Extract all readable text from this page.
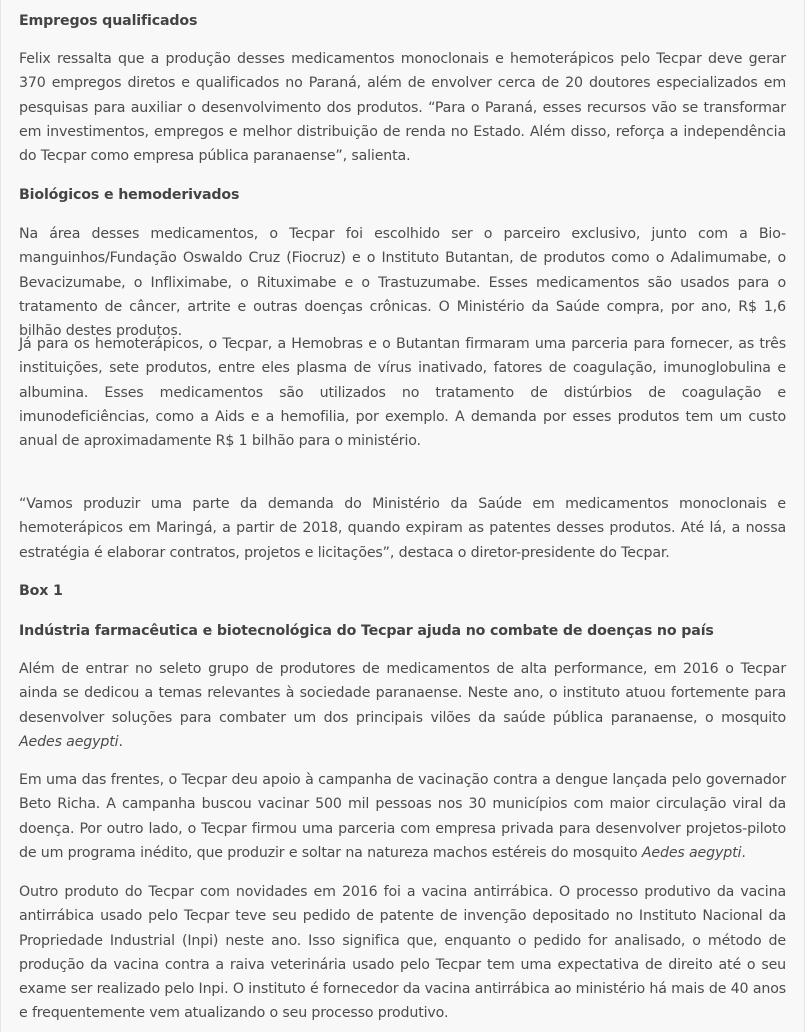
Empregos qualificados

Felix ressalta que a produção desses medicamentos monoclonais e hemoterápicos pelo Tecpar deve gerar 370 empregos diretos e qualificados no Paraná, além de envolver cerca de 20 doutores especializados em pesquisas para auxiliar o desenvolvimento dos produtos. “Para o Paraná, esses recursos vão se transformar em investimentos, empregos e melhor distribuição de renda no Estado. Além disso, reforça a independência do Tecpar como empresa pública paranaense”, salienta.

Biológicos e hemoderivados

Na área desses medicamentos, o Tecpar foi escolhido ser o parceiro exclusivo, junto com a Bio-manguinhos/Fundação Oswaldo Cruz (Fiocruz) e o Instituto Butantan, de produtos como o Adalimumabe, o Bevacizumabe, o Infliximabe, o Rituximabe e o Trastuzumabe. Esses medicamentos são usados para o tratamento de câncer, artrite e outras doenças crônicas. O Ministério da Saúde compra, por ano, R$ 1,6 bilhão destes produtos.

Já para os hemoterápicos, o Tecpar, a Hemobras e o Butantan firmaram uma parceria para fornecer, as três instituições, sete produtos, entre eles plasma de vírus inativado, fatores de coagulação, imunoglobulina e albumina. Esses medicamentos são utilizados no tratamento de distúrbios de coagulação e imunodeficiências, como a Aids e a hemofilia, por exemplo. A demanda por esses produtos tem um custo anual de aproximadamente R$ 1 bilhão para o ministério.

“Vamos produzir uma parte da demanda do Ministério da Saúde em medicamentos monoclonais e hemoterápicos em Maringá, a partir de 2018, quando expiram as patentes desses produtos. Até lá, a nossa estratégia é elaborar contratos, projetos e licitações”, destaca o diretor-presidente do Tecpar.

Box 1

Indústria farmacêutica e biotecnológica do Tecpar ajuda no combate de doenças no país

Além de entrar no seleto grupo de produtores de medicamentos de alta performance, em 2016 o Tecpar ainda se dedicou a temas relevantes à sociedade paranaense. Neste ano, o instituto atuou fortemente para desenvolver soluções para combater um dos principais vilões da saúde pública paranaense, o mosquito Aedes aegypti.

Em uma das frentes, o Tecpar deu apoio à campanha de vacinação contra a dengue lançada pelo governador Beto Richa. A campanha buscou vacinar 500 mil pessoas nos 30 municípios com maior circulação viral da doença. Por outro lado, o Tecpar firmou uma parceria com empresa privada para desenvolver projetos-piloto de um programa inédito, que produzir e soltar na natureza machos estéreis do mosquito Aedes aegypti.

Outro produto do Tecpar com novidades em 2016 foi a vacina antirrábica. O processo produtivo da vacina antirrábica usado pelo Tecpar teve seu pedido de patente de invenção depositado no Instituto Nacional da Propriedade Industrial (Inpi) neste ano. Isso significa que, enquanto o pedido for analisado, o método de produção da vacina contra a raiva veterinária usado pelo Tecpar tem uma expectativa de direito até o seu exame ser realizado pelo Inpi. O instituto é fornecedor da vacina antirrábica ao ministério há mais de 40 anos e frequentemente vem atualizando o seu processo produtivo.
